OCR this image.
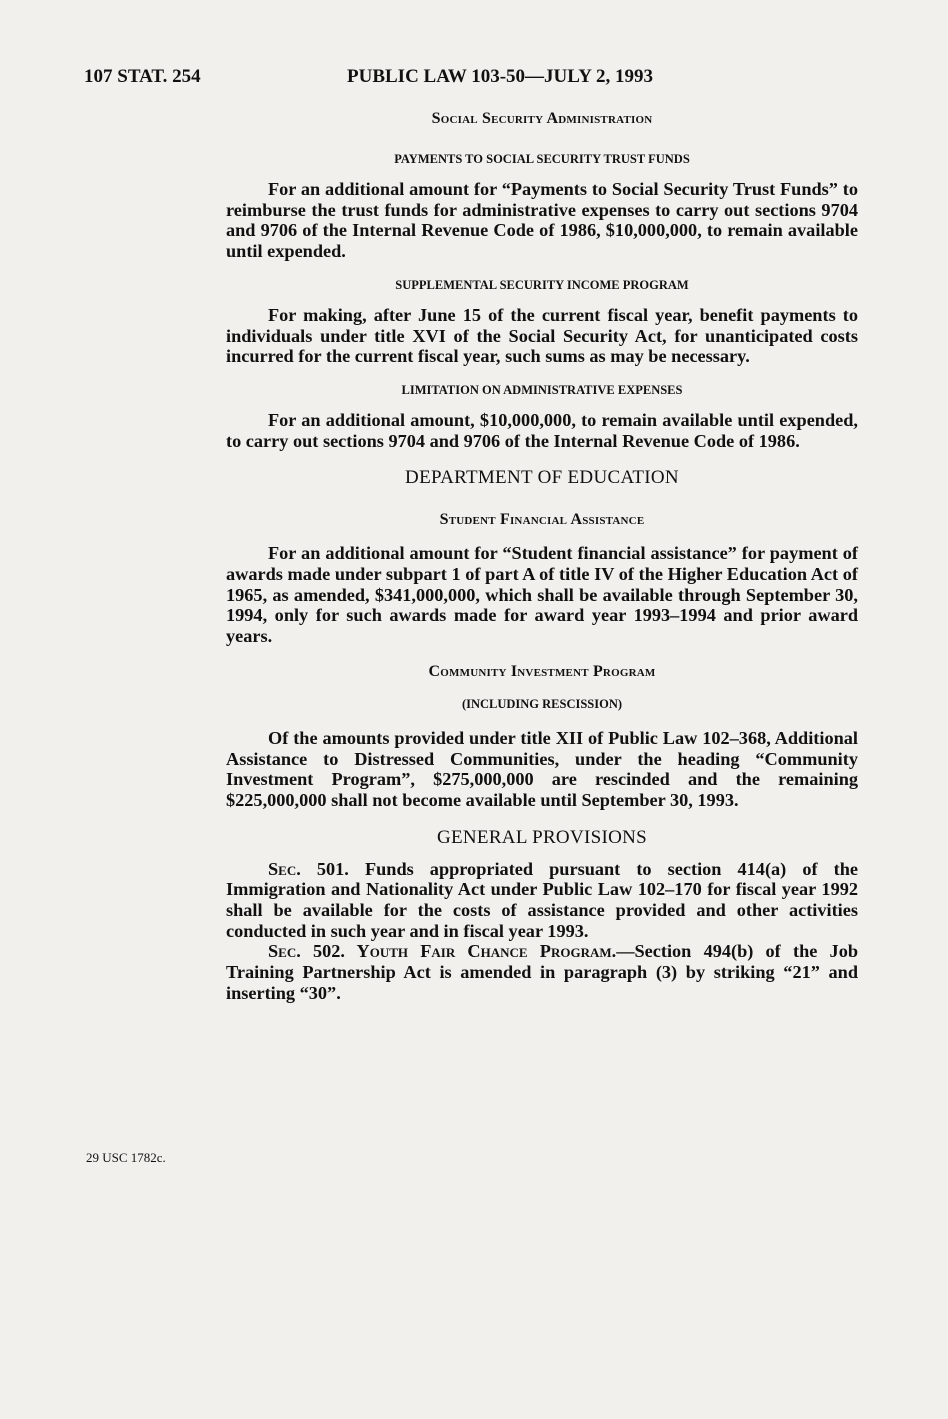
107 STAT. 254	PUBLIC LAW 103-50—JULY 2, 1993
29 USC 1782c.
Social Security Administration
PAYMENTS TO SOCIAL SECURITY TRUST FUNDS

For an additional amount for “Payments to Social Security Trust Funds” to reimburse the trust funds for administrative expenses to carry out sections 9704 and 9706 of the Internal Revenue Code of 1986, $10,000,000, to remain available until expended.

SUPPLEMENTAL SECURITY INCOME PROGRAM

For making, after June 15 of the current fiscal year, benefit payments to individuals under title XVI of the Social Security Act, for unanticipated costs incurred for the current fiscal year, such sums as may be necessary.

LIMITATION ON ADMINISTRATIVE EXPENSES

For an additional amount, $10,000,000, to remain available until expended, to carry out sections 9704 and 9706 of the Internal Revenue Code of 1986.

DEPARTMENT OF EDUCATION
Student Financial Assistance

For an additional amount for “Student financial assistance” for payment of awards made under subpart 1 of part A of title IV of the Higher Education Act of 1965, as amended, $341,000,000, which shall be available through September 30, 1994, only for such awards made for award year 1993–1994 and prior award years.

Community Investment Program
(INCLUDING RESCISSION)

Of the amounts provided under title XII of Public Law 102–368, Additional Assistance to Distressed Communities, under the heading “Community Investment Program”, $275,000,000 are rescinded and the remaining $225,000,000 shall not become available until September 30, 1993.

GENERAL PROVISIONS

Sec. 501. Funds appropriated pursuant to section 414(a) of the Immigration and Nationality Act under Public Law 102–170 for fiscal year 1992 shall be available for the costs of assistance provided and other activities conducted in such year and in fiscal year 1993.

Sec. 502. Youth Fair Chance Program.—Section 494(b) of the Job Training Partnership Act is amended in paragraph (3) by striking “21” and inserting “30”.
